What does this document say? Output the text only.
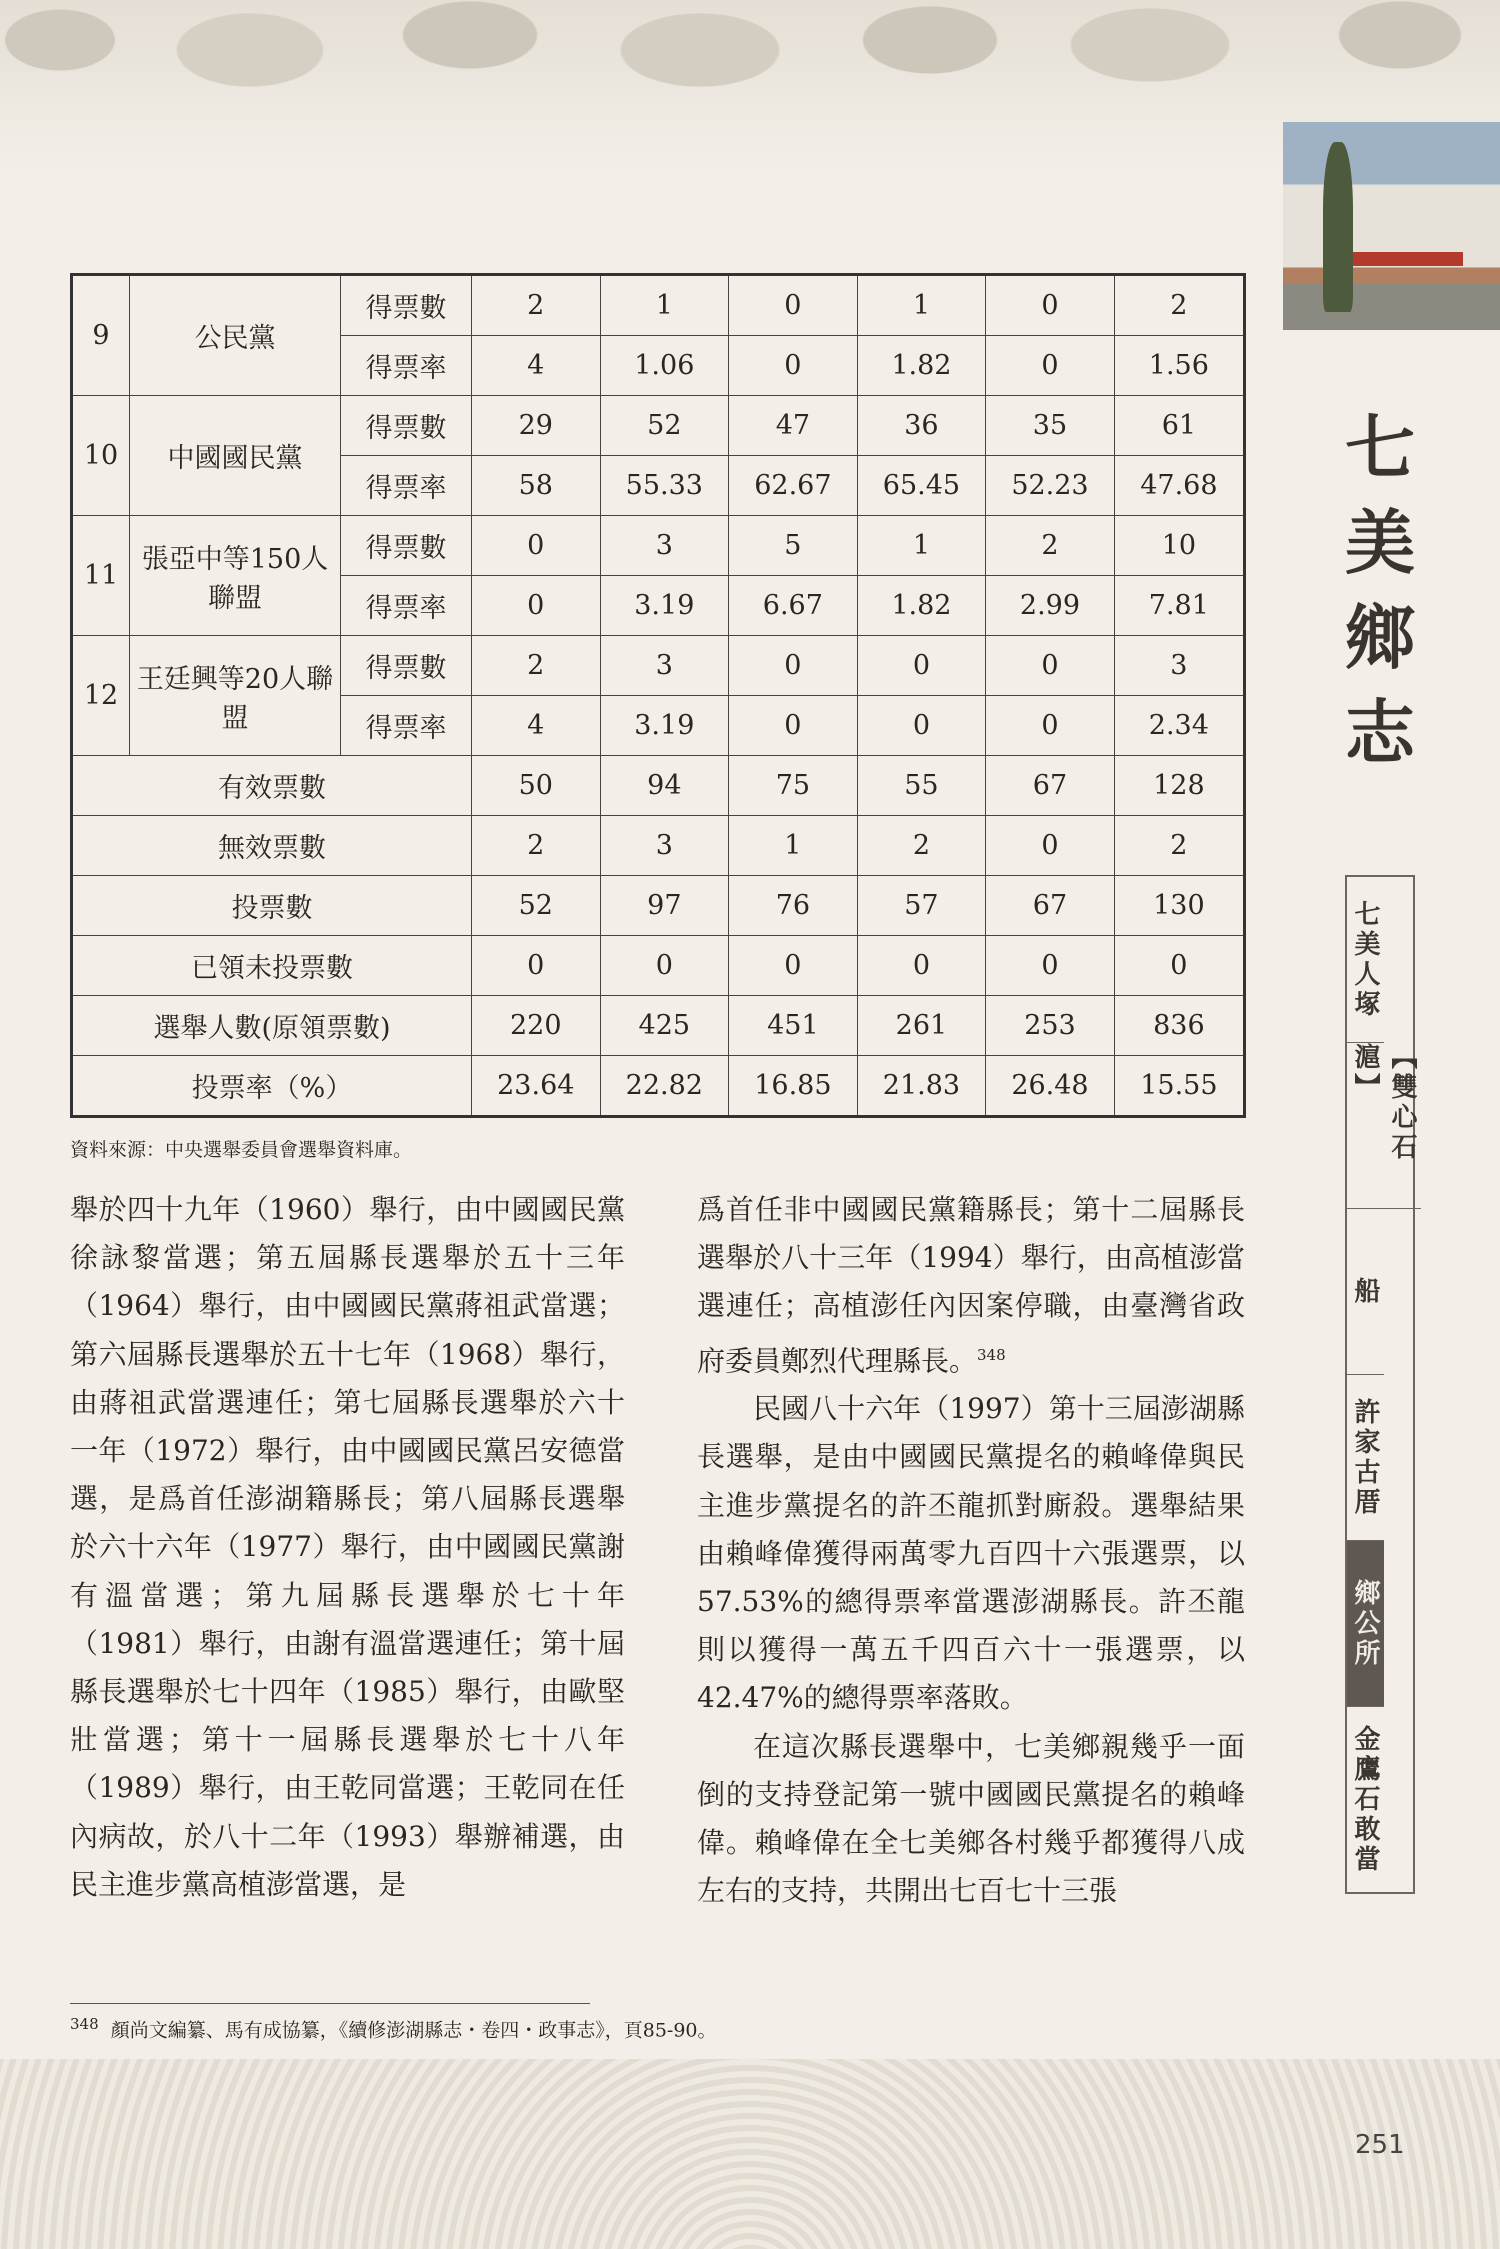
七
美
鄉
志
七美人塚
【雙心石滬】
船
許家古厝
鄉公所
金鷹石敢當
9	公民黨	得票數	2	1	0	1	0	2
		得票率	4	1.06	0	1.82	0	1.56
10	中國國民黨	得票數	29	52	47	36	35	61
		得票率	58	55.33	62.67	65.45	52.23	47.68
11	張亞中等150人聯盟	得票數	0	3	5	1	2	10
		得票率	0	3.19	6.67	1.82	2.99	7.81
12	王廷興等20人聯盟	得票數	2	3	0	0	0	3
		得票率	4	3.19	0	0	0	2.34
有效票數			50	94	75	55	67	128
無效票數			2	3	1	2	0	2
投票數			52	97	76	57	67	130
已領未投票數			0	0	0	0	0	0
選舉人數(原領票數)			220	425	451	261	253	836
投票率（%）			23.64	22.82	16.85	21.83	26.48	15.55
資料來源：中央選舉委員會選舉資料庫。

舉於四十九年（1960）舉行，由中國國民黨徐詠黎當選；第五屆縣長選舉於五十三年（1964）舉行，由中國國民黨蔣祖武當選；第六屆縣長選舉於五十七年（1968）舉行，由蔣祖武當選連任；第七屆縣長選舉於六十一年（1972）舉行，由中國國民黨呂安德當選，是爲首任澎湖籍縣長；第八屆縣長選舉於六十六年（1977）舉行，由中國國民黨謝有溫當選；第九屆縣長選舉於七十年（1981）舉行，由謝有溫當選連任；第十屆縣長選舉於七十四年（1985）舉行，由歐堅壯當選；第十一屆縣長選舉於七十八年（1989）舉行，由王乾同當選；王乾同在任內病故，於八十二年（1993）舉辦補選，由民主進步黨高植澎當選，是

爲首任非中國國民黨籍縣長；第十二屆縣長選舉於八十三年（1994）舉行，由高植澎當選連任；高植澎任內因案停職，由臺灣省政府委員鄭烈代理縣長。$^{348}$

民國八十六年（1997）第十三屆澎湖縣長選舉，是由中國國民黨提名的賴峰偉與民主進步黨提名的許丕龍抓對廝殺。選舉結果由賴峰偉獲得兩萬零九百四十六張選票，以57.53%的總得票率當選澎湖縣長。許丕龍則以獲得一萬五千四百六十一張選票，以42.47%的總得票率落敗。

在這次縣長選舉中，七美鄉親幾乎一面倒的支持登記第一號中國國民黨提名的賴峰偉。賴峰偉在全七美鄉各村幾乎都獲得八成左右的支持，共開出七百七十三張

$^{348}$ 顏尚文編纂、馬有成協纂，《續修澎湖縣志・卷四・政事志》，頁85-90。
251
